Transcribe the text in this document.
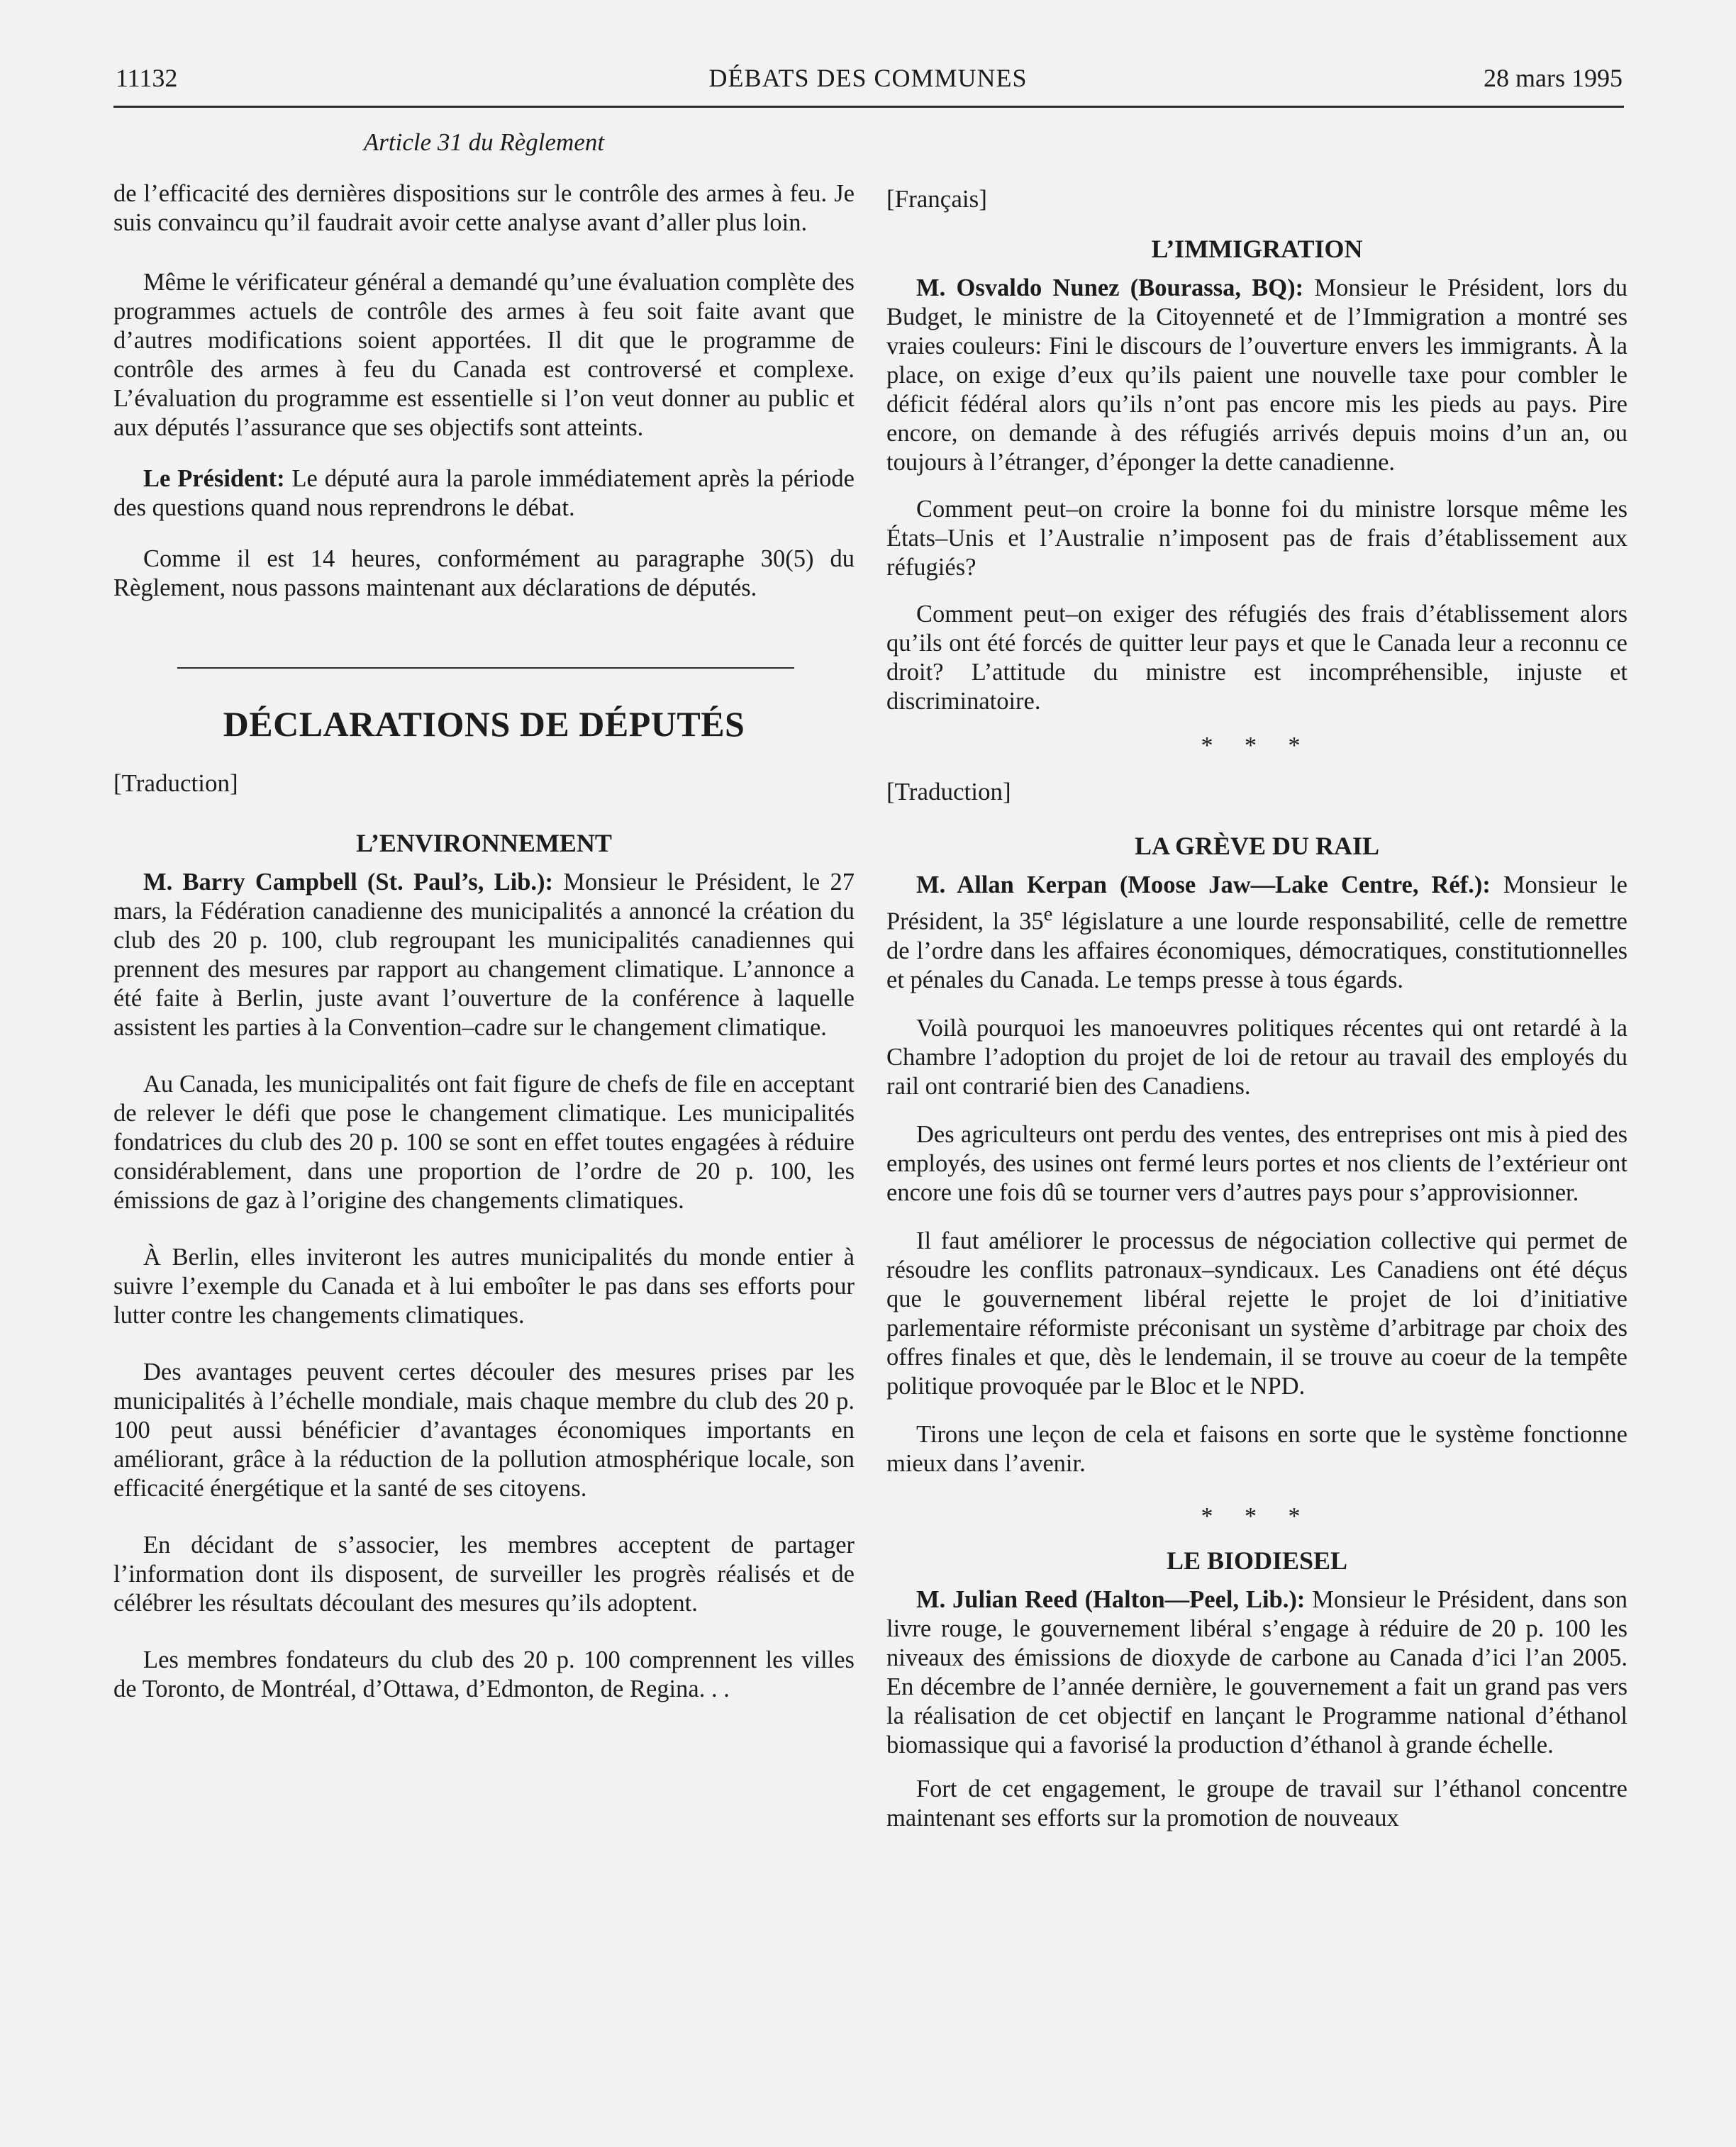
11132	DÉBATS DES COMMUNES	28 mars 1995

Article 31 du Règlement

de l’efficacité des dernières dispositions sur le contrôle des armes à feu. Je suis convaincu qu’il faudrait avoir cette analyse avant d’aller plus loin.

Même le vérificateur général a demandé qu’une évaluation complète des programmes actuels de contrôle des armes à feu soit faite avant que d’autres modifications soient apportées. Il dit que le programme de contrôle des armes à feu du Canada est controversé et complexe. L’évaluation du programme est essentielle si l’on veut donner au public et aux députés l’assurance que ses objectifs sont atteints.

Le Président: Le député aura la parole immédiatement après la période des questions quand nous reprendrons le débat.

Comme il est 14 heures, conformément au paragraphe 30(5) du Règlement, nous passons maintenant aux déclarations de députés.

DÉCLARATIONS DE DÉPUTÉS

[Traduction]

L’ENVIRONNEMENT

M. Barry Campbell (St. Paul’s, Lib.): Monsieur le Président, le 27 mars, la Fédération canadienne des municipalités a annoncé la création du club des 20 p. 100, club regroupant les municipalités canadiennes qui prennent des mesures par rapport au changement climatique. L’annonce a été faite à Berlin, juste avant l’ouverture de la conférence à laquelle assistent les parties à la Convention–cadre sur le changement climatique.

Au Canada, les municipalités ont fait figure de chefs de file en acceptant de relever le défi que pose le changement climatique. Les municipalités fondatrices du club des 20 p. 100 se sont en effet toutes engagées à réduire considérablement, dans une proportion de l’ordre de 20 p. 100, les émissions de gaz à l’origine des changements climatiques.

À Berlin, elles inviteront les autres municipalités du monde entier à suivre l’exemple du Canada et à lui emboîter le pas dans ses efforts pour lutter contre les changements climatiques.

Des avantages peuvent certes découler des mesures prises par les municipalités à l’échelle mondiale, mais chaque membre du club des 20 p. 100 peut aussi bénéficier d’avantages économiques importants en améliorant, grâce à la réduction de la pollution atmosphérique locale, son efficacité énergétique et la santé de ses citoyens.

En décidant de s’associer, les membres acceptent de partager l’information dont ils disposent, de surveiller les progrès réalisés et de célébrer les résultats découlant des mesures qu’ils adoptent.

Les membres fondateurs du club des 20 p. 100 comprennent les villes de Toronto, de Montréal, d’Ottawa, d’Edmonton, de Regina. . .

[Français]

L’IMMIGRATION

M. Osvaldo Nunez (Bourassa, BQ): Monsieur le Président, lors du Budget, le ministre de la Citoyenneté et de l’Immigration a montré ses vraies couleurs: Fini le discours de l’ouverture envers les immigrants. À la place, on exige d’eux qu’ils paient une nouvelle taxe pour combler le déficit fédéral alors qu’ils n’ont pas encore mis les pieds au pays. Pire encore, on demande à des réfugiés arrivés depuis moins d’un an, ou toujours à l’étranger, d’éponger la dette canadienne.

Comment peut–on croire la bonne foi du ministre lorsque même les États–Unis et l’Australie n’imposent pas de frais d’établissement aux réfugiés?

Comment peut–on exiger des réfugiés des frais d’établissement alors qu’ils ont été forcés de quitter leur pays et que le Canada leur a reconnu ce droit? L’attitude du ministre est incompréhensible, injuste et discriminatoire.

* * *

[Traduction]

LA GRÈVE DU RAIL

M. Allan Kerpan (Moose Jaw—Lake Centre, Réf.): Monsieur le Président, la 35e législature a une lourde responsabilité, celle de remettre de l’ordre dans les affaires économiques, démocratiques, constitutionnelles et pénales du Canada. Le temps presse à tous égards.

Voilà pourquoi les manoeuvres politiques récentes qui ont retardé à la Chambre l’adoption du projet de loi de retour au travail des employés du rail ont contrarié bien des Canadiens.

Des agriculteurs ont perdu des ventes, des entreprises ont mis à pied des employés, des usines ont fermé leurs portes et nos clients de l’extérieur ont encore une fois dû se tourner vers d’autres pays pour s’approvisionner.

Il faut améliorer le processus de négociation collective qui permet de résoudre les conflits patronaux–syndicaux. Les Canadiens ont été déçus que le gouvernement libéral rejette le projet de loi d’initiative parlementaire réformiste préconisant un système d’arbitrage par choix des offres finales et que, dès le lendemain, il se trouve au coeur de la tempête politique provoquée par le Bloc et le NPD.

Tirons une leçon de cela et faisons en sorte que le système fonctionne mieux dans l’avenir.

* * *

LE BIODIESEL

M. Julian Reed (Halton—Peel, Lib.): Monsieur le Président, dans son livre rouge, le gouvernement libéral s’engage à réduire de 20 p. 100 les niveaux des émissions de dioxyde de carbone au Canada d’ici l’an 2005. En décembre de l’année dernière, le gouvernement a fait un grand pas vers la réalisation de cet objectif en lançant le Programme national d’éthanol biomassique qui a favorisé la production d’éthanol à grande échelle.

Fort de cet engagement, le groupe de travail sur l’éthanol concentre maintenant ses efforts sur la promotion de nouveaux
